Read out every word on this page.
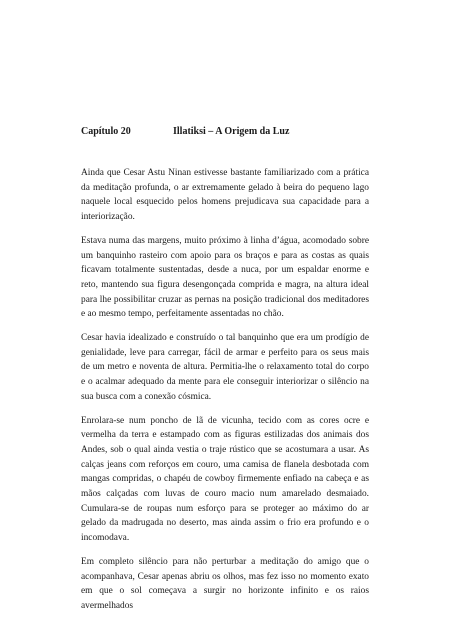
Capítulo 20	Illatiksi – A Origem da Luz

Ainda que Cesar Astu Ninan estivesse bastante familiarizado com a prática da meditação profunda, o ar extremamente gelado à beira do pequeno lago naquele local esquecido pelos homens prejudicava sua capacidade para a interiorização.

Estava numa das margens, muito próximo à linha d’água, acomodado sobre um banquinho rasteiro com apoio para os braços e para as costas as quais ficavam totalmente sustentadas, desde a nuca, por um espaldar enorme e reto, mantendo sua figura desengonçada comprida e magra, na altura ideal para lhe possibilitar cruzar as pernas na posição tradicional dos meditadores e ao mesmo tempo, perfeitamente assentadas no chão.

Cesar havia idealizado e construído o tal banquinho que era um prodígio de genialidade, leve para carregar, fácil de armar e perfeito para os seus mais de um metro e noventa de altura. Permitia-lhe o relaxamento total do corpo e o acalmar adequado da mente para ele conseguir interiorizar o silêncio na sua busca com a conexão cósmica.

Enrolara-se num poncho de lã de vicunha, tecido com as cores ocre e vermelha da terra e estampado com as figuras estilizadas dos animais dos Andes, sob o qual ainda vestia o traje rústico que se acostumara a usar. As calças jeans com reforços em couro, uma camisa de flanela desbotada com mangas compridas, o chapéu de cowboy firmemente enfiado na cabeça e as mãos calçadas com luvas de couro macio num amarelado desmaiado. Cumulara-se de roupas num esforço para se proteger ao máximo do ar gelado da madrugada no deserto, mas ainda assim o frio era profundo e o incomodava.

Em completo silêncio para não perturbar a meditação do amigo que o acompanhava, Cesar apenas abriu os olhos, mas fez isso no momento exato em que o sol começava a surgir no horizonte infinito e os raios avermelhados
